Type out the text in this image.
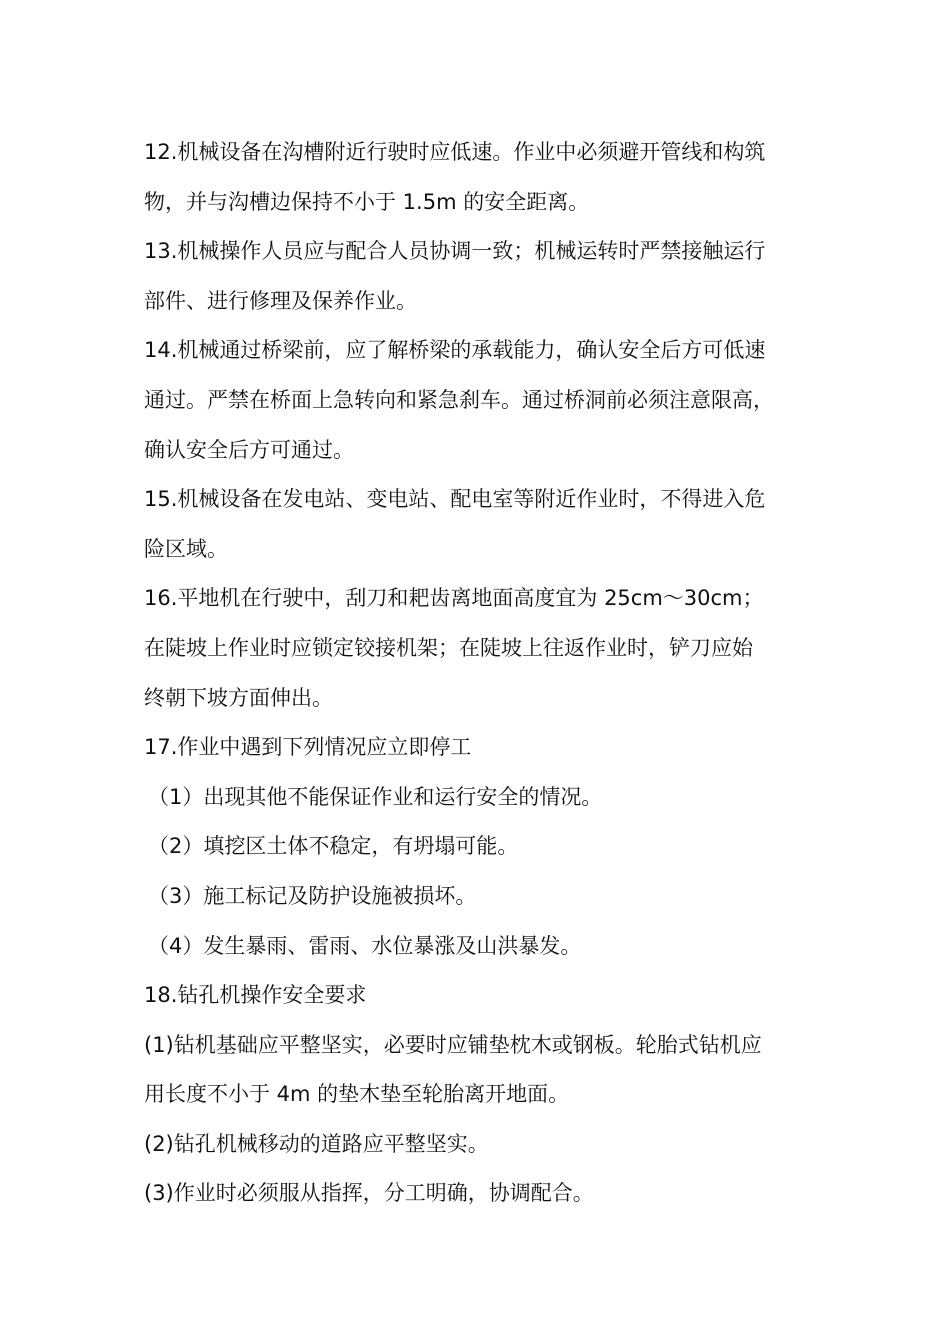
12.机械设备在沟槽附近行驶时应低速。作业中必须避开管线和构筑
物，并与沟槽边保持不小于 1.5m 的安全距离。
13.机械操作人员应与配合人员协调一致；机械运转时严禁接触运行
部件、进行修理及保养作业。
14.机械通过桥梁前，应了解桥梁的承载能力，确认安全后方可低速
通过。严禁在桥面上急转向和紧急刹车。通过桥洞前必须注意限高，
确认安全后方可通过。
15.机械设备在发电站、变电站、配电室等附近作业时，不得进入危
险区域。
16.平地机在行驶中，刮刀和耙齿离地面高度宜为 25cm～30cm；
在陡坡上作业时应锁定铰接机架；在陡坡上往返作业时，铲刀应始
终朝下坡方面伸出。
17.作业中遇到下列情况应立即停工
（1）出现其他不能保证作业和运行安全的情况。
（2）填挖区土体不稳定，有坍塌可能。
（3）施工标记及防护设施被损坏。
（4）发生暴雨、雷雨、水位暴涨及山洪暴发。
18.钻孔机操作安全要求
(1)钻机基础应平整坚实，必要时应铺垫枕木或钢板。轮胎式钻机应
用长度不小于 4m 的垫木垫至轮胎离开地面。
(2)钻孔机械移动的道路应平整坚实。
(3)作业时必须服从指挥，分工明确，协调配合。
